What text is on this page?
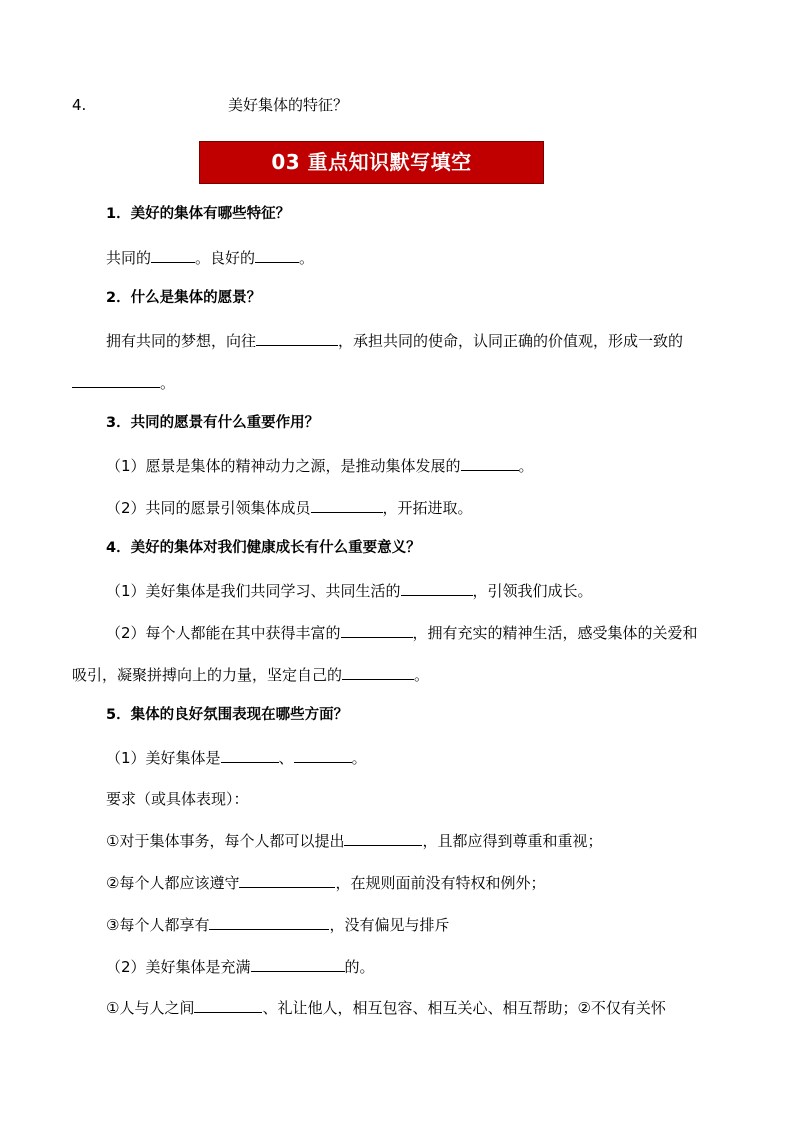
4.	美好集体的特征？
03 重点知识默写填空
1．美好的集体有哪些特征？
共同的	。良好的	。
2．什么是集体的愿景？
拥有共同的梦想，向往	，承担共同的使命，认同正确的价值观，形成一致的
。
3．共同的愿景有什么重要作用？
（1）愿景是集体的精神动力之源，是推动集体发展的	。
（2）共同的愿景引领集体成员	，开拓进取。
4．美好的集体对我们健康成长有什么重要意义？
（1）美好集体是我们共同学习、共同生活的	，引领我们成长。
（2）每个人都能在其中获得丰富的	，拥有充实的精神生活，感受集体的关爱和
吸引，凝聚拼搏向上的力量，坚定自己的	。
5．集体的良好氛围表现在哪些方面？
（1）美好集体是	、	。
要求（或具体表现）：
①对于集体事务，每个人都可以提出	，且都应得到尊重和重视；
②每个人都应该遵守	，在规则面前没有特权和例外；
③每个人都享有	，没有偏见与排斥
（2）美好集体是充满	的。
①人与人之间	、礼让他人，相互包容、相互关心、相互帮助；②不仅有关怀
